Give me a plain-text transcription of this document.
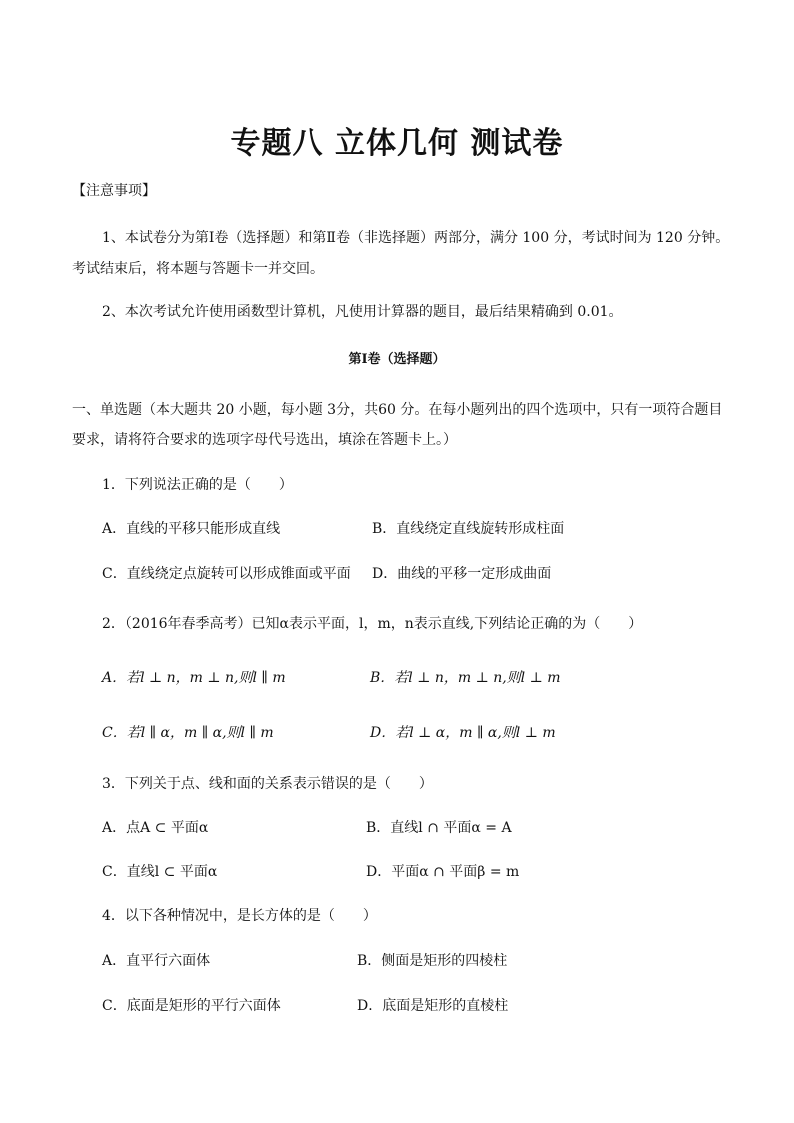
专题八 立体几何 测试卷
【注意事项】
1、本试卷分为第Ⅰ卷（选择题）和第Ⅱ卷（非选择题）两部分，满分 100 分，考试时间为 120 分钟。
考试结束后，将本题与答题卡一并交回。
2、本次考试允许使用函数型计算机，凡使用计算器的题目，最后结果精确到 0.01。
第Ⅰ卷（选择题）
一、单选题（本大题共 20 小题，每小题 3分，共60 分。在每小题列出的四个选项中，只有一项符合题目
要求，请将符合要求的选项字母代号选出，填涂在答题卡上。）
1．下列说法正确的是（　　）
A．直线的平移只能形成直线	B．直线绕定直线旋转形成柱面
C．直线绕定点旋转可以形成锥面或平面 D．曲线的平移一定形成曲面
2．（2016年春季高考）已知α表示平面，l，m，n表示直线,下列结论正确的为（　　）
A．若l ⊥ n，m ⊥ n,则l ∥ m	B．若l ⊥ n，m ⊥ n,则l ⊥ m
C．若l ∥ α，m ∥ α,则l ∥ m	D．若l ⊥ α，m ∥ α,则l ⊥ m
3．下列关于点、线和面的关系表示错误的是（　　）
A．点A ⊂ 平面α	B．直线l ∩ 平面α = A
C．直线l ⊂ 平面α	D．平面α ∩ 平面β = m
4．以下各种情况中，是长方体的是（　　）
A．直平行六面体	B．侧面是矩形的四棱柱
C．底面是矩形的平行六面体	D．底面是矩形的直棱柱
